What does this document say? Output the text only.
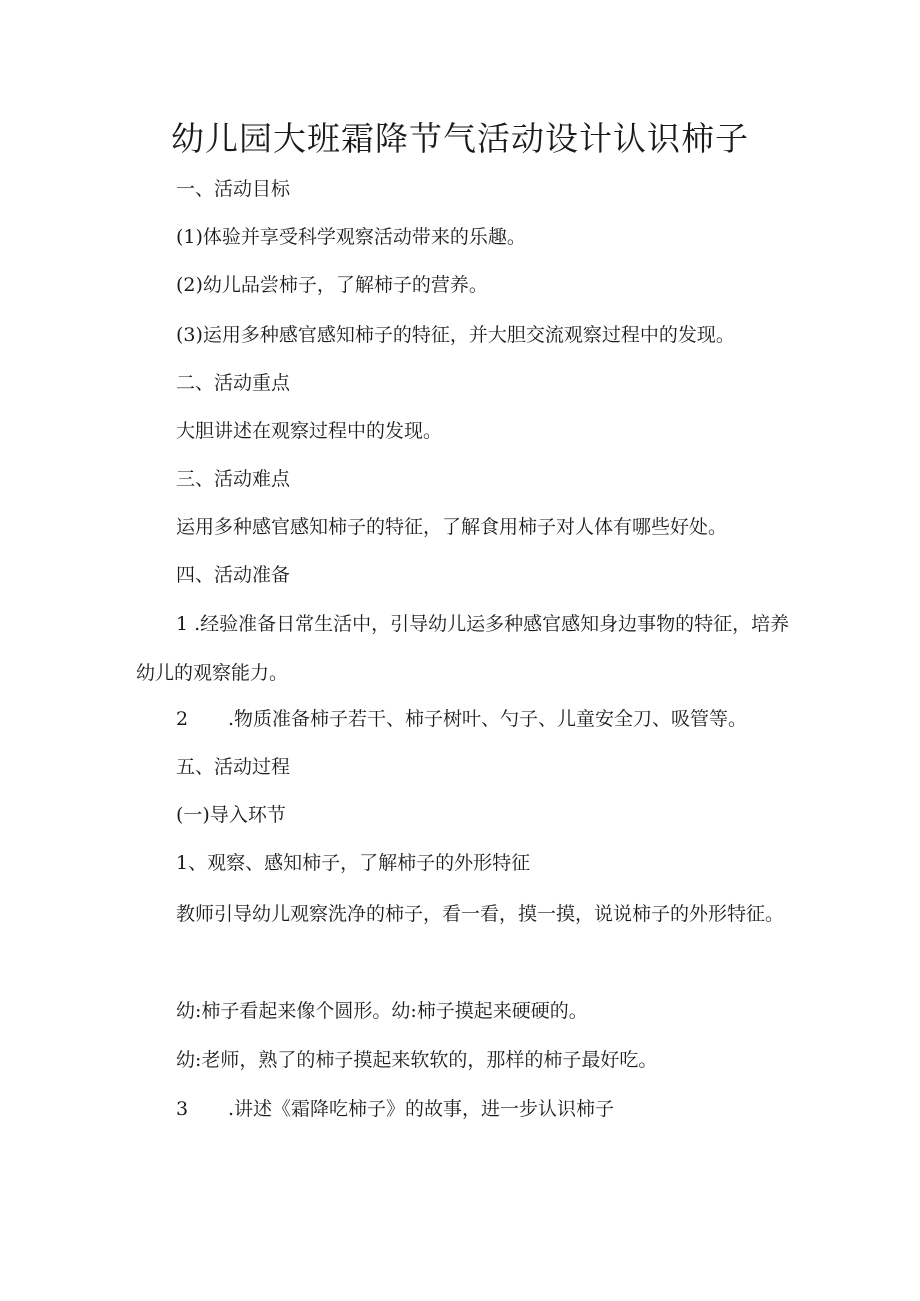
幼儿园大班霜降节气活动设计认识柿子
一、活动目标
(1)体验并享受科学观察活动带来的乐趣。
(2)幼儿品尝柿子，了解柿子的营养。
(3)运用多种感官感知柿子的特征，并大胆交流观察过程中的发现。
二、活动重点
大胆讲述在观察过程中的发现。
三、活动难点
运用多种感官感知柿子的特征，了解食用柿子对人体有哪些好处。
四、活动准备
1 .经验准备日常生活中，引导幼儿运多种感官感知身边事物的特征，培养幼儿的观察能力。
2 .物质准备柿子若干、柿子树叶、勺子、儿童安全刀、吸管等。
五、活动过程
(一)导入环节
1、观察、感知柿子，了解柿子的外形特征
教师引导幼儿观察洗净的柿子，看一看，摸一摸，说说柿子的外形特征。
幼:柿子看起来像个圆形。幼:柿子摸起来硬硬的。
幼:老师，熟了的柿子摸起来软软的，那样的柿子最好吃。
3 .讲述《霜降吃柿子》的故事，进一步认识柿子
